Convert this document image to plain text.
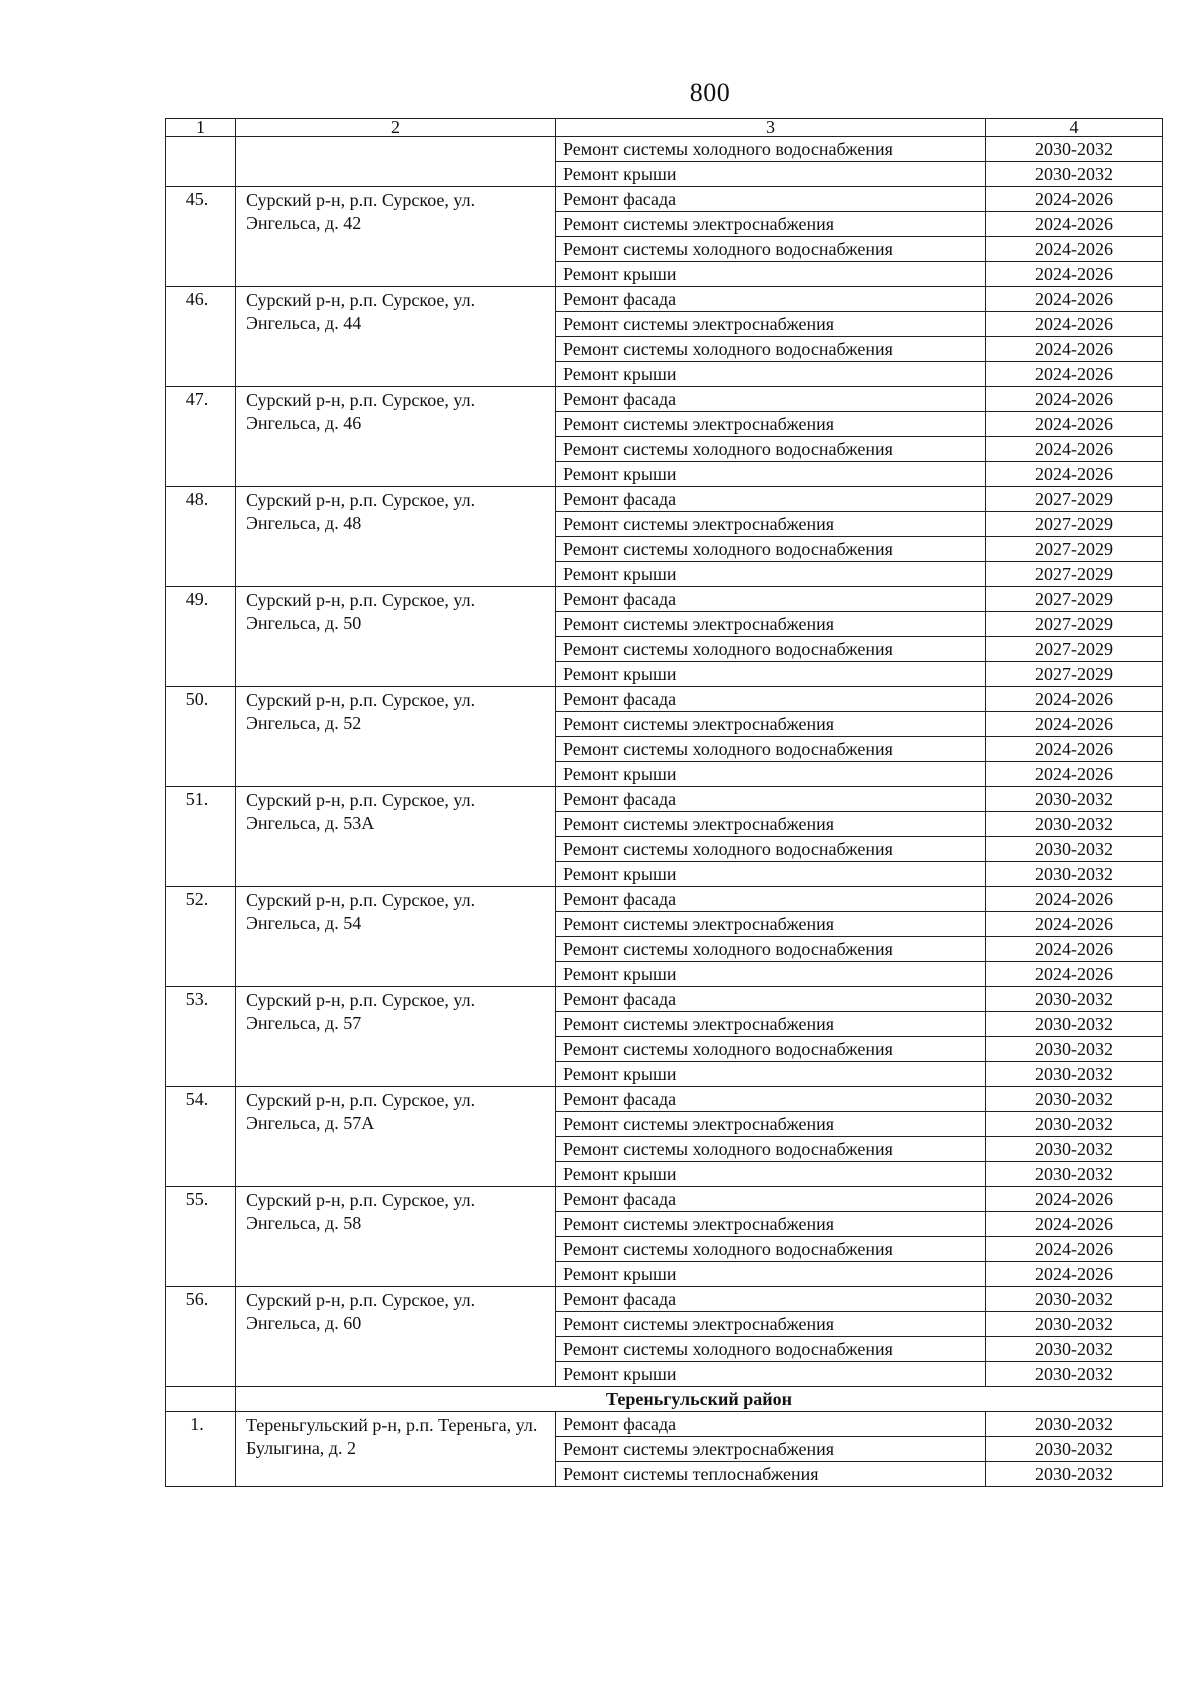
800
1	2	3	4
		Ремонт системы холодного водоснабжения	2030-2032
		Ремонт крыши	2030-2032
45.	Сурский р-н, р.п. Сурское, ул. Энгельса, д. 42	Ремонт фасада	2024-2026
		Ремонт системы электроснабжения	2024-2026
		Ремонт системы холодного водоснабжения	2024-2026
		Ремонт крыши	2024-2026
46.	Сурский р-н, р.п. Сурское, ул. Энгельса, д. 44	Ремонт фасада	2024-2026
		Ремонт системы электроснабжения	2024-2026
		Ремонт системы холодного водоснабжения	2024-2026
		Ремонт крыши	2024-2026
47.	Сурский р-н, р.п. Сурское, ул. Энгельса, д. 46	Ремонт фасада	2024-2026
		Ремонт системы электроснабжения	2024-2026
		Ремонт системы холодного водоснабжения	2024-2026
		Ремонт крыши	2024-2026
48.	Сурский р-н, р.п. Сурское, ул. Энгельса, д. 48	Ремонт фасада	2027-2029
		Ремонт системы электроснабжения	2027-2029
		Ремонт системы холодного водоснабжения	2027-2029
		Ремонт крыши	2027-2029
49.	Сурский р-н, р.п. Сурское, ул. Энгельса, д. 50	Ремонт фасада	2027-2029
		Ремонт системы электроснабжения	2027-2029
		Ремонт системы холодного водоснабжения	2027-2029
		Ремонт крыши	2027-2029
50.	Сурский р-н, р.п. Сурское, ул. Энгельса, д. 52	Ремонт фасада	2024-2026
		Ремонт системы электроснабжения	2024-2026
		Ремонт системы холодного водоснабжения	2024-2026
		Ремонт крыши	2024-2026
51.	Сурский р-н, р.п. Сурское, ул. Энгельса, д. 53А	Ремонт фасада	2030-2032
		Ремонт системы электроснабжения	2030-2032
		Ремонт системы холодного водоснабжения	2030-2032
		Ремонт крыши	2030-2032
52.	Сурский р-н, р.п. Сурское, ул. Энгельса, д. 54	Ремонт фасада	2024-2026
		Ремонт системы электроснабжения	2024-2026
		Ремонт системы холодного водоснабжения	2024-2026
		Ремонт крыши	2024-2026
53.	Сурский р-н, р.п. Сурское, ул. Энгельса, д. 57	Ремонт фасада	2030-2032
		Ремонт системы электроснабжения	2030-2032
		Ремонт системы холодного водоснабжения	2030-2032
		Ремонт крыши	2030-2032
54.	Сурский р-н, р.п. Сурское, ул. Энгельса, д. 57А	Ремонт фасада	2030-2032
		Ремонт системы электроснабжения	2030-2032
		Ремонт системы холодного водоснабжения	2030-2032
		Ремонт крыши	2030-2032
55.	Сурский р-н, р.п. Сурское, ул. Энгельса, д. 58	Ремонт фасада	2024-2026
		Ремонт системы электроснабжения	2024-2026
		Ремонт системы холодного водоснабжения	2024-2026
		Ремонт крыши	2024-2026
56.	Сурский р-н, р.п. Сурское, ул. Энгельса, д. 60	Ремонт фасада	2030-2032
		Ремонт системы электроснабжения	2030-2032
		Ремонт системы холодного водоснабжения	2030-2032
		Ремонт крыши	2030-2032
	Тереньгульский район		
1.	Тереньгульский р-н, р.п. Тереньга, ул. Булыгина, д. 2	Ремонт фасада	2030-2032
		Ремонт системы электроснабжения	2030-2032
		Ремонт системы теплоснабжения	2030-2032
